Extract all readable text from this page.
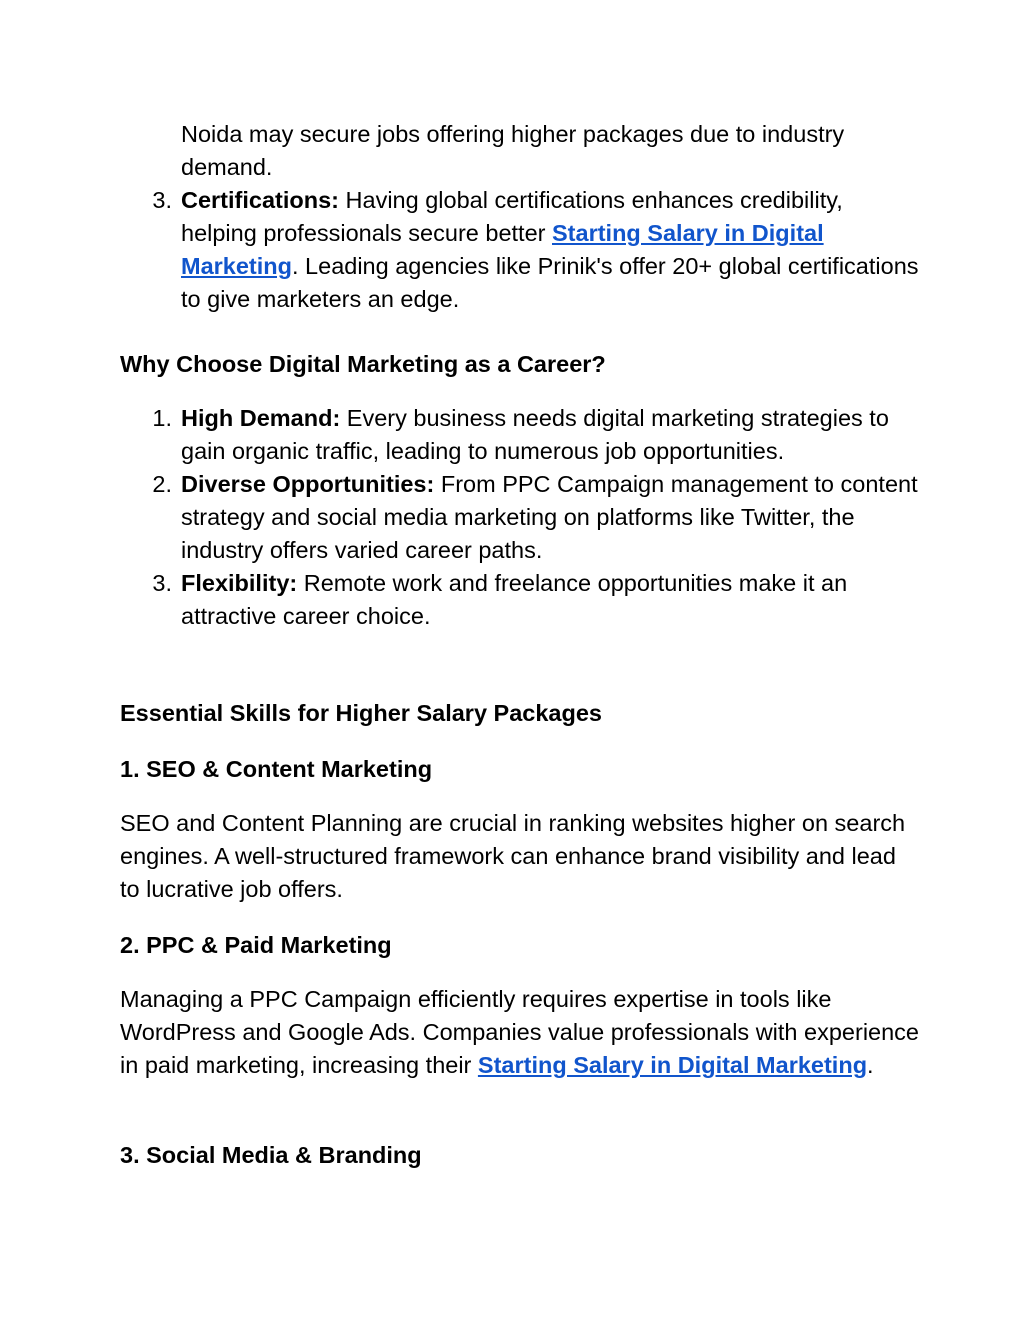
Noida may secure jobs offering higher packages due to industry demand.
3. Certifications: Having global certifications enhances credibility, helping professionals secure better Starting Salary in Digital Marketing. Leading agencies like Prinik's offer 20+ global certifications to give marketers an edge.
Why Choose Digital Marketing as a Career?
1. High Demand: Every business needs digital marketing strategies to gain organic traffic, leading to numerous job opportunities.
2. Diverse Opportunities: From PPC Campaign management to content strategy and social media marketing on platforms like Twitter, the industry offers varied career paths.
3. Flexibility: Remote work and freelance opportunities make it an attractive career choice.
Essential Skills for Higher Salary Packages
1. SEO & Content Marketing

SEO and Content Planning are crucial in ranking websites higher on search engines. A well-structured framework can enhance brand visibility and lead to lucrative job offers.

2. PPC & Paid Marketing

Managing a PPC Campaign efficiently requires expertise in tools like WordPress and Google Ads. Companies value professionals with experience in paid marketing, increasing their Starting Salary in Digital Marketing.

3. Social Media & Branding
